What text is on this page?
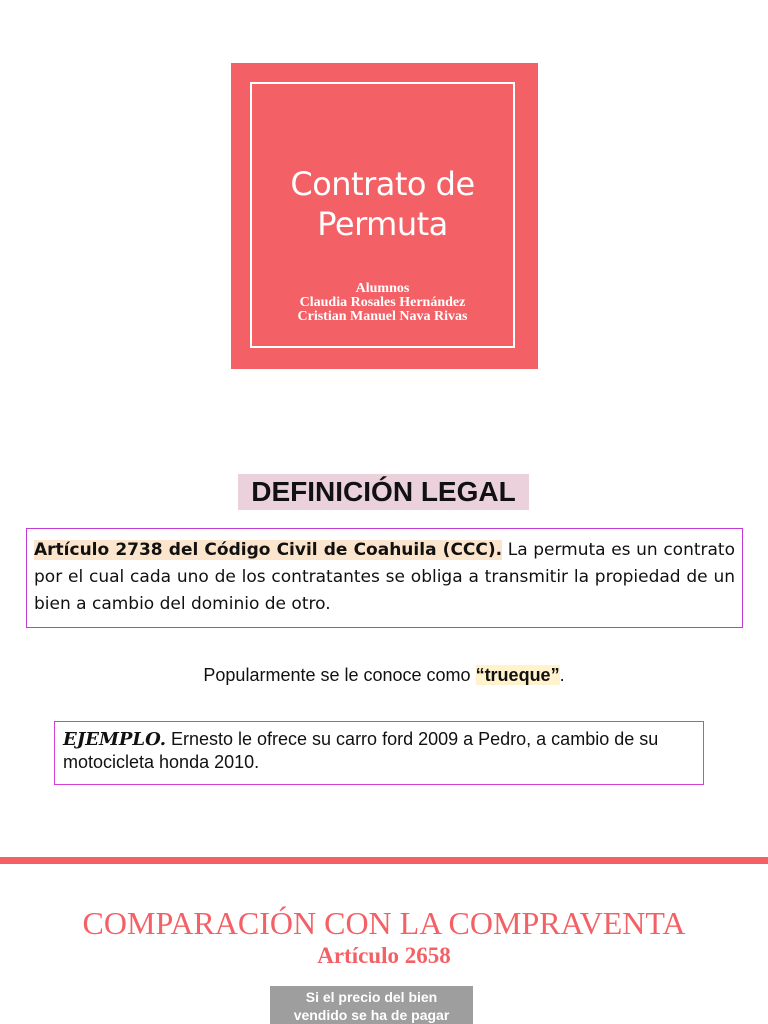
Contrato de
Permuta
Alumnos
Claudia Rosales Hernández
Cristian Manuel Nava Rivas
DEFINICIÓN LEGAL
Artículo 2738 del Código Civil de Coahuila (CCC). La permuta es un contrato por el cual cada uno de los contratantes se obliga a transmitir la propiedad de un bien a cambio del dominio de otro.
Popularmente se le conoce como “trueque”.
EJEMPLO. Ernesto le ofrece su carro ford 2009 a Pedro, a cambio de su motocicleta honda 2010.
COMPARACIÓN CON LA COMPRAVENTA
Artículo 2658
Si el precio del bien
vendido se ha de pagar
